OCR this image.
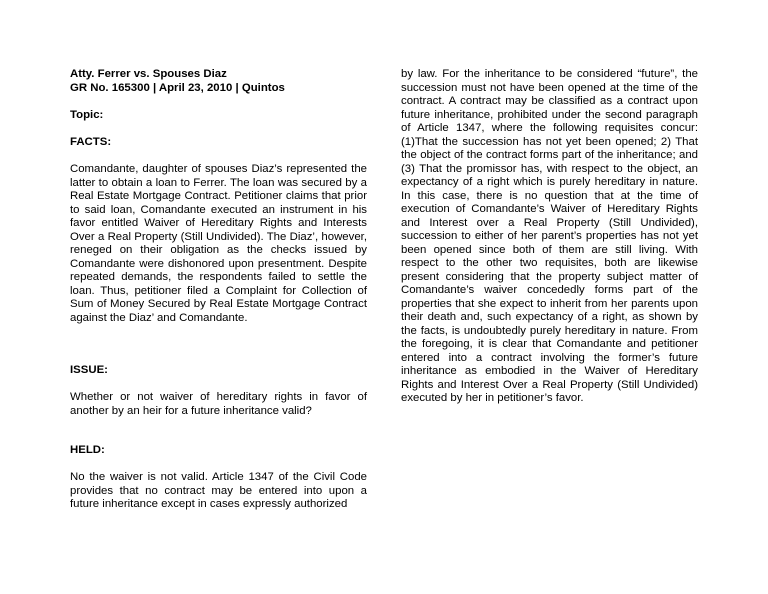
Atty. Ferrer vs. Spouses Diaz
GR No. 165300 | April 23, 2010 | Quintos
Topic:
FACTS:
Comandante, daughter of spouses Diaz’s represented the latter to obtain a loan to Ferrer. The loan was secured by a Real Estate Mortgage Contract. Petitioner claims that prior to said loan, Comandante executed an instrument in his favor entitled Waiver of Hereditary Rights and Interests Over a Real Property (Still Undivided). The Diaz’, however, reneged on their obligation as the checks issued by Comandante were dishonored upon presentment. Despite repeated demands, the respondents failed to settle the loan. Thus, petitioner filed a Complaint for Collection of Sum of Money Secured by Real Estate Mortgage Contract against the Diaz’ and Comandante.
ISSUE:
Whether or not waiver of hereditary rights in favor of another by an heir for a future inheritance valid?
HELD:
No the waiver is not valid. Article 1347 of the Civil Code provides that no contract may be entered into upon a future inheritance except in cases expressly authorized
by law. For the inheritance to be considered “future”, the succession must not have been opened at the time of the contract. A contract may be classified as a contract upon future inheritance, prohibited under the second paragraph of Article 1347, where the following requisites concur: (1)That the succession has not yet been opened; 2) That the object of the contract forms part of the inheritance; and (3) That the promissor has, with respect to the object, an expectancy of a right which is purely hereditary in nature. In this case, there is no question that at the time of execution of Comandante’s Waiver of Hereditary Rights and Interest over a Real Property (Still Undivided), succession to either of her parent’s properties has not yet been opened since both of them are still living. With respect to the other two requisites, both are likewise present considering that the property subject matter of Comandante’s waiver concededly forms part of the properties that she expect to inherit from her parents upon their death and, such expectancy of a right, as shown by the facts, is undoubtedly purely hereditary in nature. From the foregoing, it is clear that Comandante and petitioner entered into a contract involving the former’s future inheritance as embodied in the Waiver of Hereditary Rights and Interest Over a Real Property (Still Undivided) executed by her in petitioner’s favor.
